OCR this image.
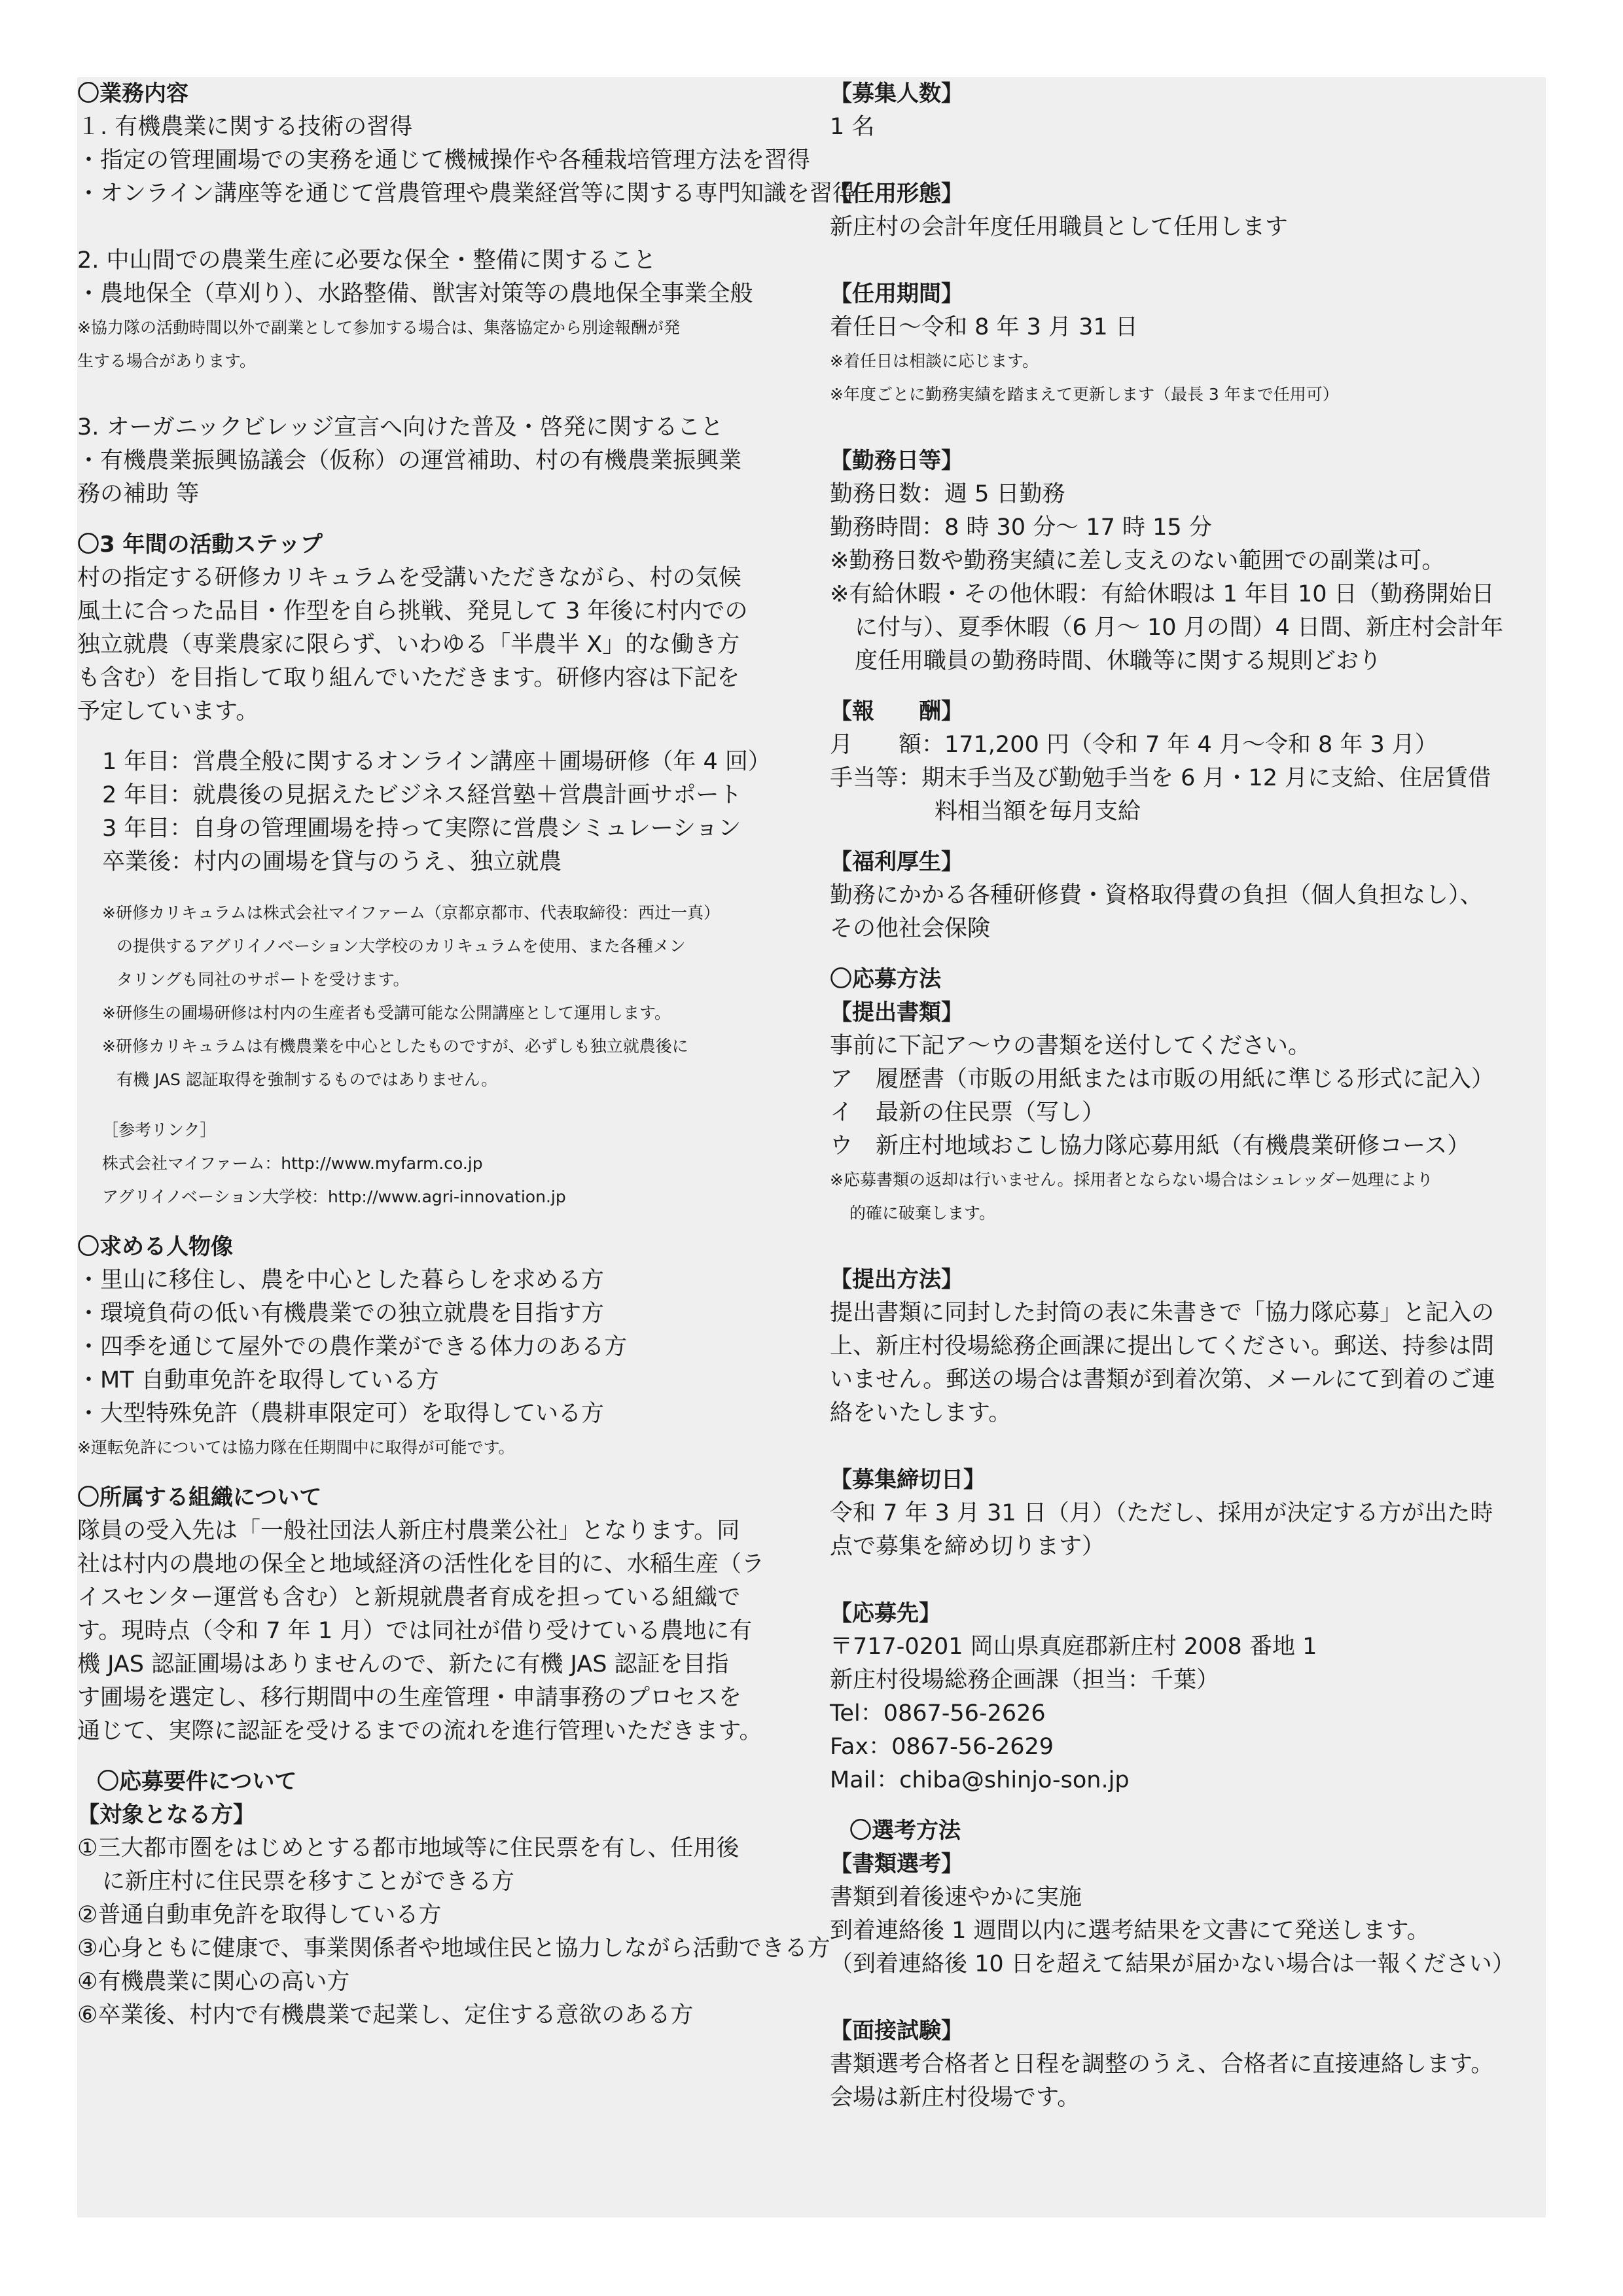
〇業務内容
１. 有機農業に関する技術の習得
・指定の管理圃場での実務を通じて機械操作や各種栽培管理方法を習得
・オンライン講座等を通じて営農管理や農業経営等に関する専門知識を習得
2. 中山間での農業生産に必要な保全・整備に関すること
・農地保全（草刈り）、水路整備、獣害対策等の農地保全事業全般
※協力隊の活動時間以外で副業として参加する場合は、集落協定から別途報酬が発
生する場合があります。
3. オーガニックビレッジ宣言へ向けた普及・啓発に関すること
・有機農業振興協議会（仮称）の運営補助、村の有機農業振興業
務の補助 等
〇3 年間の活動ステップ
村の指定する研修カリキュラムを受講いただきながら、村の気候
風土に合った品目・作型を自ら挑戦、発見して 3 年後に村内での
独立就農（専業農家に限らず、いわゆる「半農半 X」的な働き方
も含む）を目指して取り組んでいただきます。研修内容は下記を
予定しています。
1 年目：営農全般に関するオンライン講座＋圃場研修（年 4 回）
2 年目：就農後の見据えたビジネス経営塾＋営農計画サポート
3 年目：自身の管理圃場を持って実際に営農シミュレーション
卒業後：村内の圃場を貸与のうえ、独立就農
※研修カリキュラムは株式会社マイファーム（京都京都市、代表取締役：西辻一真）
の提供するアグリイノベーション大学校のカリキュラムを使用、また各種メン
タリングも同社のサポートを受けます。
※研修生の圃場研修は村内の生産者も受講可能な公開講座として運用します。
※研修カリキュラムは有機農業を中心としたものですが、必ずしも独立就農後に
有機 JAS 認証取得を強制するものではありません。
［参考リンク］
株式会社マイファーム：http://www.myfarm.co.jp
アグリイノベーション大学校：http://www.agri-innovation.jp
〇求める人物像
・里山に移住し、農を中心とした暮らしを求める方
・環境負荷の低い有機農業での独立就農を目指す方
・四季を通じて屋外での農作業ができる体力のある方
・MT 自動車免許を取得している方
・大型特殊免許（農耕車限定可）を取得している方
※運転免許については協力隊在任期間中に取得が可能です。
〇所属する組織について
隊員の受入先は「一般社団法人新庄村農業公社」となります。同
社は村内の農地の保全と地域経済の活性化を目的に、水稲生産（ラ
イスセンター運営も含む）と新規就農者育成を担っている組織で
す。現時点（令和 7 年 1 月）では同社が借り受けている農地に有
機 JAS 認証圃場はありませんので、新たに有機 JAS 認証を目指
す圃場を選定し、移行期間中の生産管理・申請事務のプロセスを
通じて、実際に認証を受けるまでの流れを進行管理いただきます。
〇応募要件について
【対象となる方】
①三大都市圏をはじめとする都市地域等に住民票を有し、任用後
に新庄村に住民票を移すことができる方
②普通自動車免許を取得している方
③心身ともに健康で、事業関係者や地域住民と協力しながら活動できる方
④有機農業に関心の高い方
⑥卒業後、村内で有機農業で起業し、定住する意欲のある方
【募集人数】
1 名
【任用形態】
新庄村の会計年度任用職員として任用します
【任用期間】
着任日〜令和 8 年 3 月 31 日
※着任日は相談に応じます。
※年度ごとに勤務実績を踏まえて更新します（最長 3 年まで任用可）
【勤務日等】
勤務日数：週 5 日勤務
勤務時間：8 時 30 分〜 17 時 15 分
※勤務日数や勤務実績に差し支えのない範囲での副業は可。
※有給休暇・その他休暇：有給休暇は 1 年目 10 日（勤務開始日
に付与）、夏季休暇（6 月〜 10 月の間）4 日間、新庄村会計年
度任用職員の勤務時間、休職等に関する規則どおり
【報　　酬】
月　　額：171,200 円（令和 7 年 4 月〜令和 8 年 3 月）
手当等：期末手当及び勤勉手当を 6 月・12 月に支給、住居賃借
料相当額を毎月支給
【福利厚生】
勤務にかかる各種研修費・資格取得費の負担（個人負担なし）、
その他社会保険
〇応募方法
【提出書類】
事前に下記ア〜ウの書類を送付してください。
ア　履歴書（市販の用紙または市販の用紙に準じる形式に記入）
イ　最新の住民票（写し）
ウ　新庄村地域おこし協力隊応募用紙（有機農業研修コース）
※応募書類の返却は行いません。採用者とならない場合はシュレッダー処理により
的確に破棄します。
【提出方法】
提出書類に同封した封筒の表に朱書きで「協力隊応募」と記入の
上、新庄村役場総務企画課に提出してください。郵送、持参は問
いません。郵送の場合は書類が到着次第、メールにて到着のご連
絡をいたします。
【募集締切日】
令和 7 年 3 月 31 日（月）（ただし、採用が決定する方が出た時
点で募集を締め切ります）
【応募先】
〒717-0201 岡山県真庭郡新庄村 2008 番地 1
新庄村役場総務企画課（担当：千葉）
Tel：0867-56-2626
Fax：0867-56-2629
Mail：chiba@shinjo-son.jp
〇選考方法
【書類選考】
書類到着後速やかに実施
到着連絡後 1 週間以内に選考結果を文書にて発送します。
（到着連絡後 10 日を超えて結果が届かない場合は一報ください）
【面接試験】
書類選考合格者と日程を調整のうえ、合格者に直接連絡します。
会場は新庄村役場です。
